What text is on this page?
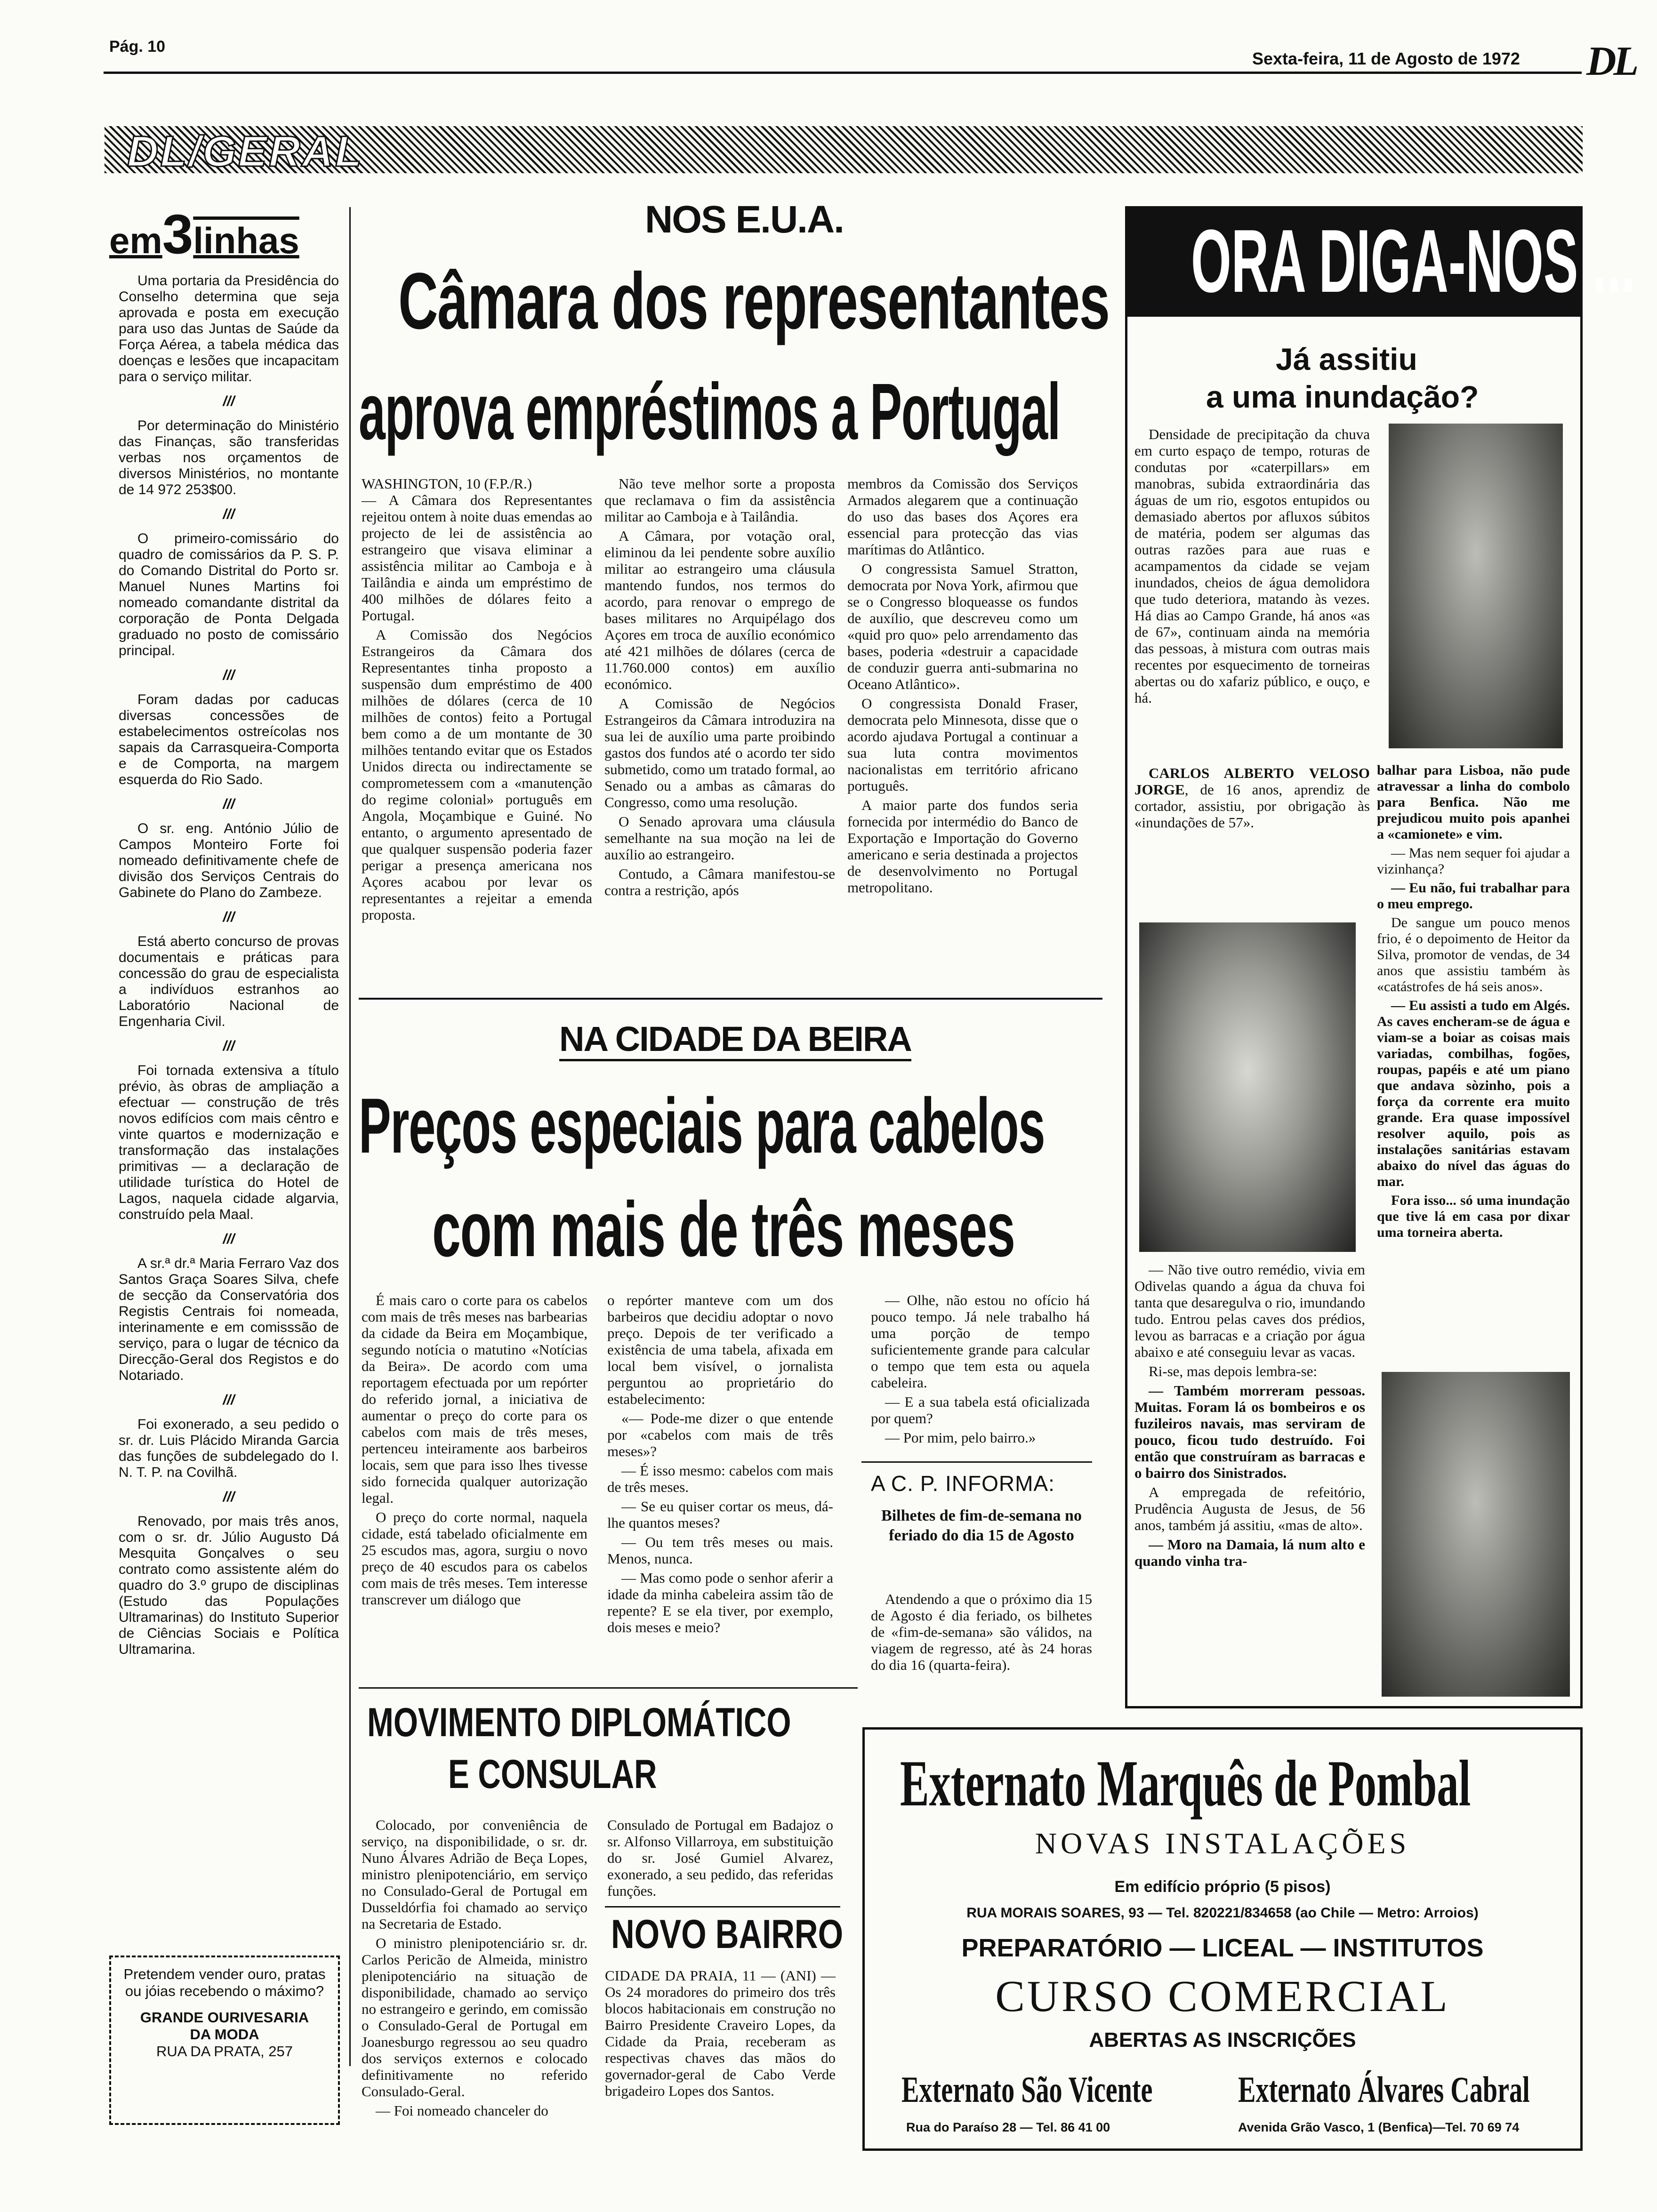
Pág. 10
Sexta-feira, 11 de Agosto de 1972 DL
DL/GERAL
em3linhas

Uma portaria da Presidência do Conselho determina que seja aprovada e posta em execução para uso das Juntas de Saúde da Força Aérea, a tabela médica das doenças e lesões que incapacitam para o serviço militar.

///

Por determinação do Ministério das Finanças, são transferidas verbas nos orçamentos de diversos Ministérios, no montante de 14 972 253$00.

///

O primeiro-comissário do quadro de comissários da P. S. P. do Comando Distrital do Porto sr. Manuel Nunes Martins foi nomeado comandante distrital da corporação de Ponta Delgada graduado no posto de comissário principal.

///

Foram dadas por caducas diversas concessões de estabelecimentos ostreícolas nos sapais da Carrasqueira-Comporta e de Comporta, na margem esquerda do Rio Sado.

///

O sr. eng. António Júlio de Campos Monteiro Forte foi nomeado definitivamente chefe de divisão dos Serviços Centrais do Gabinete do Plano do Zambeze.

///

Está aberto concurso de provas documentais e práticas para concessão do grau de especialista a indivíduos estranhos ao Laboratório Nacional de Engenharia Civil.

///

Foi tornada extensiva a título prévio, às obras de ampliação a efectuar — construção de três novos edifícios com mais cêntro e vinte quartos e modernização e transformação das instalações primitivas — a declaração de utilidade turística do Hotel de Lagos, naquela cidade algarvia, construído pela Maal.

///

A sr.ª dr.ª Maria Ferraro Vaz dos Santos Graça Soares Silva, chefe de secção da Conservatória dos Registis Centrais foi nomeada, interinamente e em comisssão de serviço, para o lugar de técnico da Direcção-Geral dos Registos e do Notariado.

///

Foi exonerado, a seu pedido o sr. dr. Luis Plácido Miranda Garcia das funções de subdelegado do I. N. T. P. na Covilhã.

///

Renovado, por mais três anos, com o sr. dr. Júlio Augusto Dá Mesquita Gonçalves o seu contrato como assistente além do quadro do 3.º grupo de disciplinas (Estudo das Populações Ultramarinas) do Instituto Superior de Ciências Sociais e Política Ultramarina.

Pretendem vender ouro, pratas ou jóias recebendo o máximo?
GRANDE OURIVESARIA
DA MODA
RUA DA PRATA, 257
NOS E.U.A.
Câmara dos representantes
aprova empréstimos a Portugal

WASHINGTON, 10 (F.P./R.)

— A Câmara dos Representantes rejeitou ontem à noite duas emendas ao projecto de lei de assistência ao estrangeiro que visava eliminar a assistência militar ao Camboja e à Tailândia e ainda um empréstimo de 400 milhões de dólares feito a Portugal.

A Comissão dos Negócios Estrangeiros da Câmara dos Representantes tinha proposto a suspensão dum empréstimo de 400 milhões de dólares (cerca de 10 milhões de contos) feito a Portugal bem como a de um montante de 30 milhões tentando evitar que os Estados Unidos directa ou indirectamente se comprometessem com a «manutenção do regime colonial» português em Angola, Moçambique e Guiné. No entanto, o argumento apresentado de que qualquer suspensão poderia fazer perigar a presença americana nos Açores acabou por levar os representantes a rejeitar a emenda proposta.

Não teve melhor sorte a proposta que reclamava o fim da assistência militar ao Camboja e à Tailândia.

A Câmara, por votação oral, eliminou da lei pendente sobre auxílio militar ao estrangeiro uma cláusula mantendo fundos, nos termos do acordo, para renovar o emprego de bases militares no Arquipélago dos Açores em troca de auxílio económico até 421 milhões de dólares (cerca de 11.760.000 contos) em auxílio económico.

A Comissão de Negócios Estrangeiros da Câmara introduzira na sua lei de auxílio uma parte proibindo gastos dos fundos até o acordo ter sido submetido, como um tratado formal, ao Senado ou a ambas as câmaras do Congresso, como uma resolução.

O Senado aprovara uma cláusula semelhante na sua moção na lei de auxílio ao estrangeiro.

Contudo, a Câmara manifestou-se contra a restrição, após

membros da Comissão dos Serviços Armados alegarem que a continuação do uso das bases dos Açores era essencial para protecção das vias marítimas do Atlântico.

O congressista Samuel Stratton, democrata por Nova York, afirmou que se o Congresso bloqueasse os fundos de auxílio, que descreveu como um «quid pro quo» pelo arrendamento das bases, poderia «destruir a capacidade de conduzir guerra anti-submarina no Oceano Atlântico».

O congressista Donald Fraser, democrata pelo Minnesota, disse que o acordo ajudava Portugal a continuar a sua luta contra movimentos nacionalistas em território africano português.

A maior parte dos fundos seria fornecida por intermédio do Banco de Exportação e Importação do Governo americano e seria destinada a projectos de desenvolvimento no Portugal metropolitano.

NA CIDADE DA BEIRA
Preços especiais para cabelos
com mais de três meses

É mais caro o corte para os cabelos com mais de três meses nas barbearias da cidade da Beira em Moçambique, segundo notícia o matutino «Notícias da Beira». De acordo com uma reportagem efectuada por um repórter do referido jornal, a iniciativa de aumentar o preço do corte para os cabelos com mais de três meses, pertenceu inteiramente aos barbeiros locais, sem que para isso lhes tivesse sido fornecida qualquer autorização legal.

O preço do corte normal, naquela cidade, está tabelado oficialmente em 25 escudos mas, agora, surgiu o novo preço de 40 escudos para os cabelos com mais de três meses. Tem interesse transcrever um diálogo que

o repórter manteve com um dos barbeiros que decidiu adoptar o novo preço. Depois de ter verificado a existência de uma tabela, afixada em local bem visível, o jornalista perguntou ao proprietário do estabelecimento:

«— Pode-me dizer o que entende por «cabelos com mais de três meses»?

— É isso mesmo: cabelos com mais de três meses.

— Se eu quiser cortar os meus, dá-lhe quantos meses?

— Ou tem três meses ou mais. Menos, nunca.

— Mas como pode o senhor aferir a idade da minha cabeleira assim tão de repente? E se ela tiver, por exemplo, dois meses e meio?

— Olhe, não estou no ofício há pouco tempo. Já nele trabalho há uma porção de tempo suficientemente grande para calcular o tempo que tem esta ou aquela cabeleira.

— E a sua tabela está oficializada por quem?

— Por mim, pelo bairro.»

A C. P. INFORMA:
Bilhetes de fim-de-semana no feriado do dia 15 de Agosto
Atendendo a que o próximo dia 15 de Agosto é dia feriado, os bilhetes de «fim-de-semana» são válidos, na viagem de regresso, até às 24 horas do dia 16 (quarta-feira).
MOVIMENTO DIPLOMÁTICO
E CONSULAR

Colocado, por conveniência de serviço, na disponibilidade, o sr. dr. Nuno Álvares Adrião de Beça Lopes, ministro plenipotenciário, em serviço no Consulado-Geral de Portugal em Dusseldórfia foi chamado ao serviço na Secretaria de Estado.

O ministro plenipotenciário sr. dr. Carlos Pericão de Almeida, ministro plenipotenciário na situação de disponibilidade, chamado ao serviço no estrangeiro e gerindo, em comissão o Consulado-Geral de Portugal em Joanesburgo regressou ao seu quadro dos serviços externos e colocado definitivamente no referido Consulado-Geral.

— Foi nomeado chanceler do

Consulado de Portugal em Badajoz o sr. Alfonso Villarroya, em substituição do sr. José Gumiel Alvarez, exonerado, a seu pedido, das referidas funções.

NOVO BAIRRO
CIDADE DA PRAIA, 11 — (ANI) — Os 24 moradores do primeiro dos três blocos habitacionais em construção no Bairro Presidente Craveiro Lopes, da Cidade da Praia, receberam as respectivas chaves das mãos do governador-geral de Cabo Verde brigadeiro Lopes dos Santos.
ORA DIGA-NOS ...
Já assitiu
a uma inundação?
Densidade de precipitação da chuva em curto espaço de tempo, roturas de condutas por «caterpillars» em manobras, subida extraordinária das águas de um rio, esgotos entupidos ou demasiado abertos por afluxos súbitos de matéria, podem ser algumas das outras razões para aue ruas e acampamentos da cidade se vejam inundados, cheios de água demolidora que tudo deteriora, matando às vezes. Há dias ao Campo Grande, há anos «as de 67», continuam ainda na memória das pessoas, à mistura com outras mais recentes por esquecimento de torneiras abertas ou do xafariz público, e ouço, e há.

CARLOS ALBERTO VELOSO JORGE, de 16 anos, aprendiz de cortador, assistiu, por obrigação às «inundações de 57».

balhar para Lisboa, não pude atravessar a linha do combolo para Benfica. Não me prejudicou muito pois apanhei a «camionete» e vim.

— Mas nem sequer foi ajudar a vizinhança?

— Eu não, fui trabalhar para o meu emprego.

De sangue um pouco menos frio, é o depoimento de Heitor da Silva, promotor de vendas, de 34 anos que assistiu também às «catástrofes de há seis anos».

— Eu assisti a tudo em Algés. As caves encheram-se de água e viam-se a boiar as coisas mais variadas, combilhas, fogões, roupas, papéis e até um piano que andava sòzinho, pois a força da corrente era muito grande. Era quase impossível resolver aquilo, pois as instalações sanitárias estavam abaixo do nível das águas do mar.

Fora isso... só uma inundação que tive lá em casa por dixar uma torneira aberta.

— Não tive outro remédio, vivia em Odivelas quando a água da chuva foi tanta que desaregulva o rio, imundando tudo. Entrou pelas caves dos prédios, levou as barracas e a criação por água abaixo e até conseguiu levar as vacas.

Ri-se, mas depois lembra-se:

— Também morreram pessoas. Muitas. Foram lá os bombeiros e os fuzileiros navais, mas serviram de pouco, ficou tudo destruído. Foi então que construíram as barracas e o bairro dos Sinistrados.

A empregada de refeitório, Prudência Augusta de Jesus, de 56 anos, também já assitiu, «mas de alto».

— Moro na Damaia, lá num alto e quando vinha tra-

Externato Marquês de Pombal
NOVAS INSTALAÇÕES
Em edifício próprio (5 pisos)
RUA MORAIS SOARES, 93 — Tel. 820221/834658 (ao Chile — Metro: Arroios)
PREPARATÓRIO — LICEAL — INSTITUTOS
CURSO COMERCIAL
ABERTAS AS INSCRIÇÕES
Externato São Vicente
Rua do Paraíso 28 — Tel. 86 41 00
Externato Álvares Cabral
Avenida Grão Vasco, 1 (Benfica)—Tel. 70 69 74
